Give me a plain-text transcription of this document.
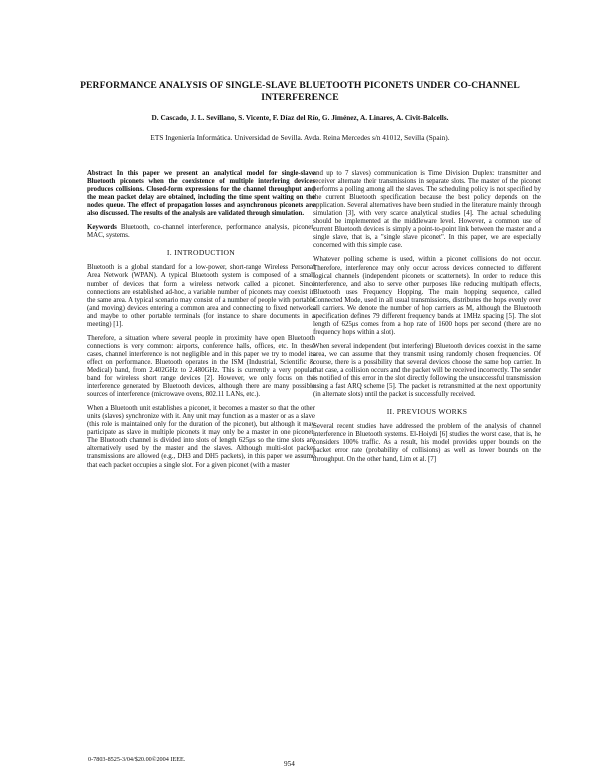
PERFORMANCE ANALYSIS OF SINGLE-SLAVE BLUETOOTH PICONETS UNDER CO-CHANNEL INTERFERENCE
D. Cascado, J. L. Sevillano, S. Vicente, F. Díaz del Río, G. Jiménez, A. Linares, A. Civit-Balcells.
ETS Ingeniería Informática. Universidad de Sevilla. Avda. Reina Mercedes s/n 41012, Sevilla (Spain).

Abstract In this paper we present an analytical model for single-slave Bluetooth piconets when the coexistence of multiple interfering devices produces collisions. Closed-form expressions for the channel throughput and the mean packet delay are obtained, including the time spent waiting on the nodes queue. The effect of propagation losses and asynchronous piconets are also discussed. The results of the analysis are validated through simulation.

Keywords Bluetooth, co-channel interference, performance analysis, piconet, MAC, systems.

I. INTRODUCTION

Bluetooth is a global standard for a low-power, short-range Wireless Personal Area Network (WPAN). A typical Bluetooth system is composed of a small number of devices that form a wireless network called a piconet. Since connections are established ad-hoc, a variable number of piconets may coexist in the same area. A typical scenario may consist of a number of people with portable (and moving) devices entering a common area and connecting to fixed networks and maybe to other portable terminals (for instance to share documents in a meeting) [1].

Therefore, a situation where several people in proximity have open Bluetooth connections is very common: airports, conference halls, offices, etc. In these cases, channel interference is not negligible and in this paper we try to model its effect on performance. Bluetooth operates in the ISM (Industrial, Scientific & Medical) band, from 2.402GHz to 2.480GHz. This is currently a very popular band for wireless short range devices [2]. However, we only focus on the interference generated by Bluetooth devices, although there are many possible sources of interference (microwave ovens, 802.11 LANs, etc.).

When a Bluetooth unit establishes a piconet, it becomes a master so that the other units (slaves) synchronize with it. Any unit may function as a master or as a slave (this role is maintained only for the duration of the piconet), but although it may participate as slave in multiple piconets it may only be a master in one piconet. The Bluetooth channel is divided into slots of length 625μs so the time slots are alternatively used by the master and the slaves. Although multi-slot packet transmissions are allowed (e.g., DH3 and DH5 packets), in this paper we assume that each packet occupies a single slot. For a given piconet (with a master

and up to 7 slaves) communication is Time Division Duplex: transmitter and receiver alternate their transmissions in separate slots. The master of the piconet performs a polling among all the slaves. The scheduling policy is not specified by the current Bluetooth specification because the best policy depends on the application. Several alternatives have been studied in the literature mainly through simulation [3], with very scarce analytical studies [4]. The actual scheduling should be implemented at the middleware level. However, a common use of current Bluetooth devices is simply a point-to-point link between the master and a single slave, that is, a "single slave piconet". In this paper, we are especially concerned with this simple case.

Whatever polling scheme is used, within a piconet collisions do not occur. Therefore, interference may only occur across devices connected to different logical channels (independent piconets or scatternets). In order to reduce this interference, and also to serve other purposes like reducing multipath effects, Bluetooth uses Frequency Hopping. The main hopping sequence, called Connected Mode, used in all usual transmissions, distributes the hops evenly over all carriers. We denote the number of hop carriers as M, although the Bluetooth specification defines 79 different frequency bands at 1MHz spacing [5]. The slot length of 625μs comes from a hop rate of 1600 hops per second (there are no frequency hops within a slot).

When several independent (but interfering) Bluetooth devices coexist in the same area, we can assume that they transmit using randomly chosen frequencies. Of course, there is a possibility that several devices choose the same hop carrier. In that case, a collision occurs and the packet will be received incorrectly. The sender is notified of this error in the slot directly following the unsuccessful transmission using a fast ARQ scheme [5]. The packet is retransmitted at the next opportunity (in alternate slots) until the packet is successfully received.

II. PREVIOUS WORKS

Several recent studies have addressed the problem of the analysis of channel interference in Bluetooth systems. El-Hoiydi [6] studies the worst case, that is, he considers 100% traffic. As a result, his model provides upper bounds on the packet error rate (probability of collisions) as well as lower bounds on the throughput. On the other hand, Lim et al. [7]

0-7803-8525-3/04/$20.00©2004 IEEE.
954
